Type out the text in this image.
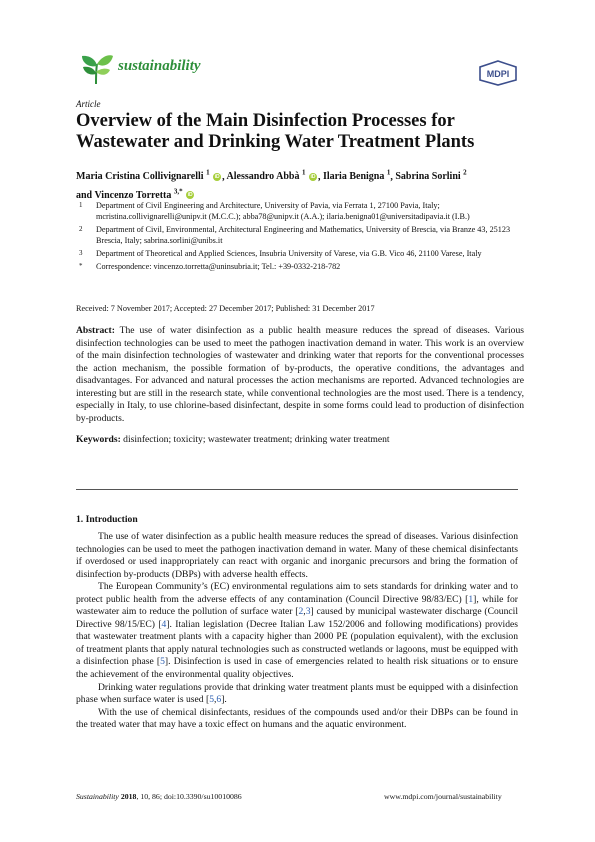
sustainability	MDPI
Article
Overview of the Main Disinfection Processes for Wastewater and Drinking Water Treatment Plants
Maria Cristina Collivignarelli $^1$ iD , Alessandro Abbà $^1$ iD , Ilaria Benigna $^1$, Sabrina Sorlini $^2$
and Vincenzo Torretta $^{3,*}$ iD
1	Department of Civil Engineering and Architecture, University of Pavia, via Ferrata 1, 27100 Pavia, Italy; mcristina.collivignarelli@unipv.it (M.C.C.); abba78@unipv.it (A.A.); ilaria.benigna01@universitadipavia.it (I.B.)
2	Department of Civil, Environmental, Architectural Engineering and Mathematics, University of Brescia, via Branze 43, 25123 Brescia, Italy; sabrina.sorlini@unibs.it
3	Department of Theoretical and Applied Sciences, Insubria University of Varese, via G.B. Vico 46, 21100 Varese, Italy
*	Correspondence: vincenzo.torretta@uninsubria.it; Tel.: +39-0332-218-782
Received: 7 November 2017; Accepted: 27 December 2017; Published: 31 December 2017

Abstract: The use of water disinfection as a public health measure reduces the spread of diseases. Various disinfection technologies can be used to meet the pathogen inactivation demand in water. This work is an overview of the main disinfection technologies of wastewater and drinking water that reports for the conventional processes the action mechanism, the possible formation of by-products, the operative conditions, the advantages and disadvantages. For advanced and natural processes the action mechanisms are reported. Advanced technologies are interesting but are still in the research state, while conventional technologies are the most used. There is a tendency, especially in Italy, to use chlorine-based disinfectant, despite in some forms could lead to production of disinfection by-products.

Keywords: disinfection; toxicity; wastewater treatment; drinking water treatment
1. Introduction

The use of water disinfection as a public health measure reduces the spread of diseases. Various disinfection technologies can be used to meet the pathogen inactivation demand in water. Many of these chemical disinfectants if overdosed or used inappropriately can react with organic and inorganic precursors and bring the formation of disinfection by-products (DBPs) with adverse health effects.

The European Community’s (EC) environmental regulations aim to sets standards for drinking water and to protect public health from the adverse effects of any contamination (Council Directive 98/83/EC) [1], while for wastewater aim to reduce the pollution of surface water [2,3] caused by municipal wastewater discharge (Council Directive 98/15/EC) [4]. Italian legislation (Decree Italian Law 152/2006 and following modifications) provides that wastewater treatment plants with a capacity higher than 2000 PE (population equivalent), with the exclusion of treatment plants that apply natural technologies such as constructed wetlands or lagoons, must be equipped with a disinfection phase [5]. Disinfection is used in case of emergencies related to health risk situations or to ensure the achievement of the environmental quality objectives.

Drinking water regulations provide that drinking water treatment plants must be equipped with a disinfection phase when surface water is used [5,6].

With the use of chemical disinfectants, residues of the compounds used and/or their DBPs can be found in the treated water that may have a toxic effect on humans and the aquatic environment.

Sustainability 2018, 10, 86; doi:10.3390/su10010086	www.mdpi.com/journal/sustainability
